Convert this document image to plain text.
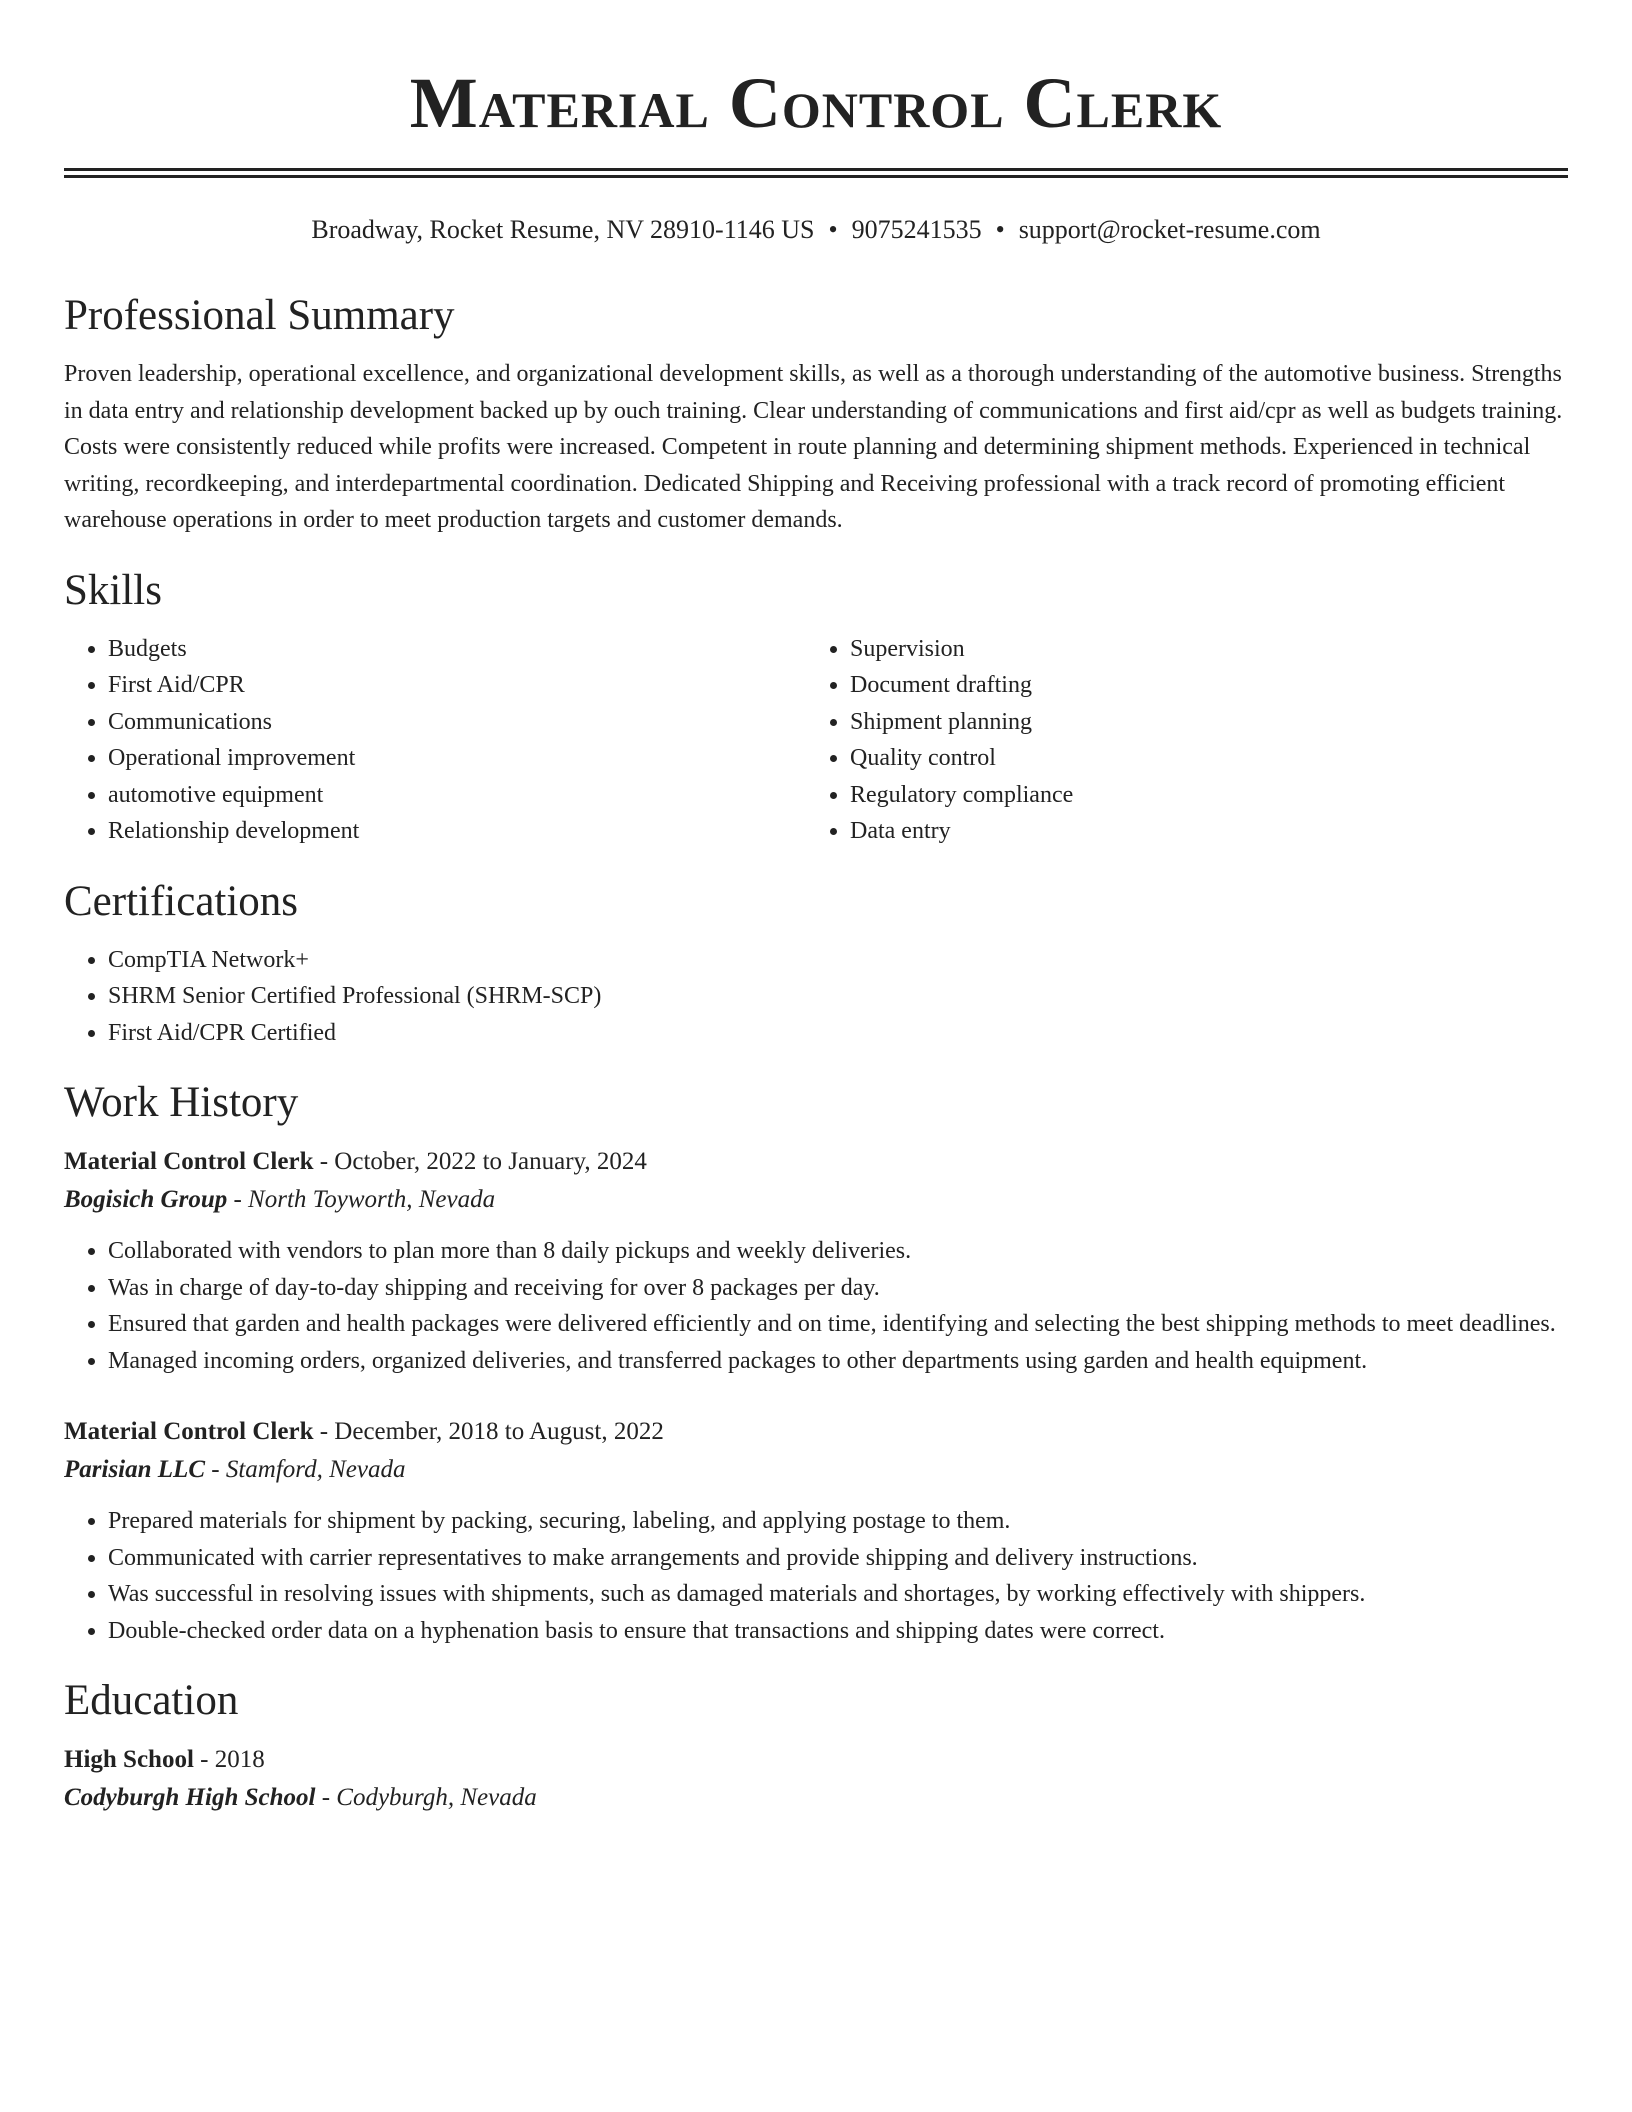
Material Control Clerk
Broadway, Rocket Resume, NV 28910-1146 US • 9075241535 • support@rocket-resume.com
Professional Summary

Proven leadership, operational excellence, and organizational development skills, as well as a thorough understanding of the automotive business. Strengths in data entry and relationship development backed up by ouch training. Clear understanding of communications and first aid/cpr as well as budgets training. Costs were consistently reduced while profits were increased. Competent in route planning and determining shipment methods. Experienced in technical writing, recordkeeping, and interdepartmental coordination. Dedicated Shipping and Receiving professional with a track record of promoting efficient warehouse operations in order to meet production targets and customer demands.

Skills
• Budgets
• First Aid/CPR
• Communications
• Operational improvement
• automotive equipment
• Relationship development
• Supervision
• Document drafting
• Shipment planning
• Quality control
• Regulatory compliance
• Data entry
Certifications
• CompTIA Network+
• SHRM Senior Certified Professional (SHRM-SCP)
• First Aid/CPR Certified
Work History
Material Control Clerk - October, 2022 to January, 2024
Bogisich Group - North Toyworth, Nevada
• Collaborated with vendors to plan more than 8 daily pickups and weekly deliveries.
• Was in charge of day-to-day shipping and receiving for over 8 packages per day.
• Ensured that garden and health packages were delivered efficiently and on time, identifying and selecting the best shipping methods to meet deadlines.
• Managed incoming orders, organized deliveries, and transferred packages to other departments using garden and health equipment.
Material Control Clerk - December, 2018 to August, 2022
Parisian LLC - Stamford, Nevada
• Prepared materials for shipment by packing, securing, labeling, and applying postage to them.
• Communicated with carrier representatives to make arrangements and provide shipping and delivery instructions.
• Was successful in resolving issues with shipments, such as damaged materials and shortages, by working effectively with shippers.
• Double-checked order data on a hyphenation basis to ensure that transactions and shipping dates were correct.
Education
High School - 2018
Codyburgh High School - Codyburgh, Nevada
